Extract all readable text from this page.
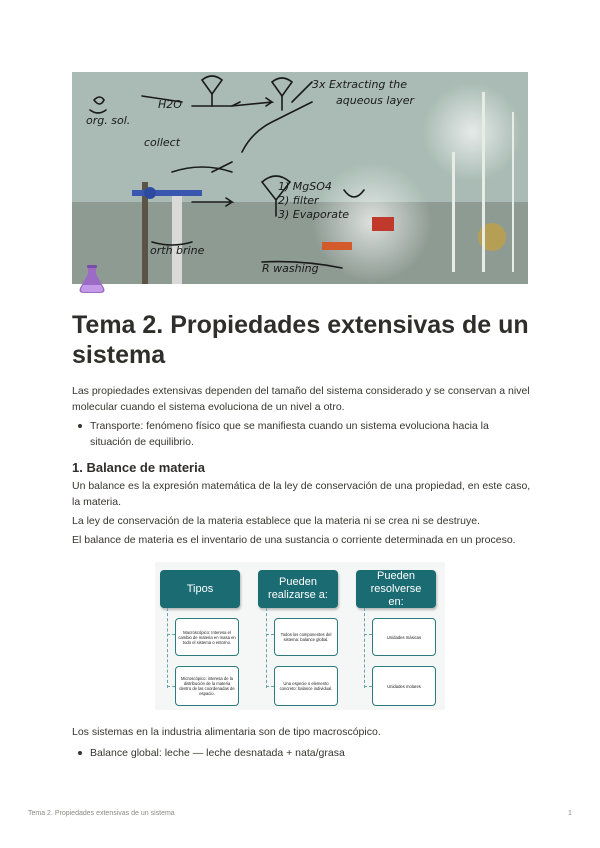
3x Extracting the
aqueous layer
collect
1) MgSO4
2) filter
3) Evaporate
R washing
orth brine
org. sol.
H2O
Tema 2. Propiedades extensivas de un sistema
Las propiedades extensivas dependen del tamaño del sistema considerado y se conservan a nivel molecular cuando el sistema evoluciona de un nivel a otro.
Transporte: fenómeno físico que se manifiesta cuando un sistema evoluciona hacia la situación de equilibrio.
1. Balance de materia
Un balance es la expresión matemática de la ley de conservación de una propiedad, en este caso, la materia.
La ley de conservación de la materia establece que la materia ni se crea ni se destruye.
El balance de materia es el inventario de una sustancia o corriente determinada en un proceso.
Tipos
Pueden realizarse a:
Pueden resolverse en:
Macroscópico: Interesa el cambio de materia en masa en todo el sistema o entorno.
Microscópico: interesa de la distribución de la materia dentro de las coordenadas de espacio.
Todos los componentes del sistema: balance global.
Una especie o elemento concreto: balance individual.
Unidades másicas
Unidades molares
Los sistemas en la industria alimentaria son de tipo macroscópico.
Balance global: leche — leche desnatada + nata/grasa
Tema 2. Propiedades extensivas de un sistema	1
